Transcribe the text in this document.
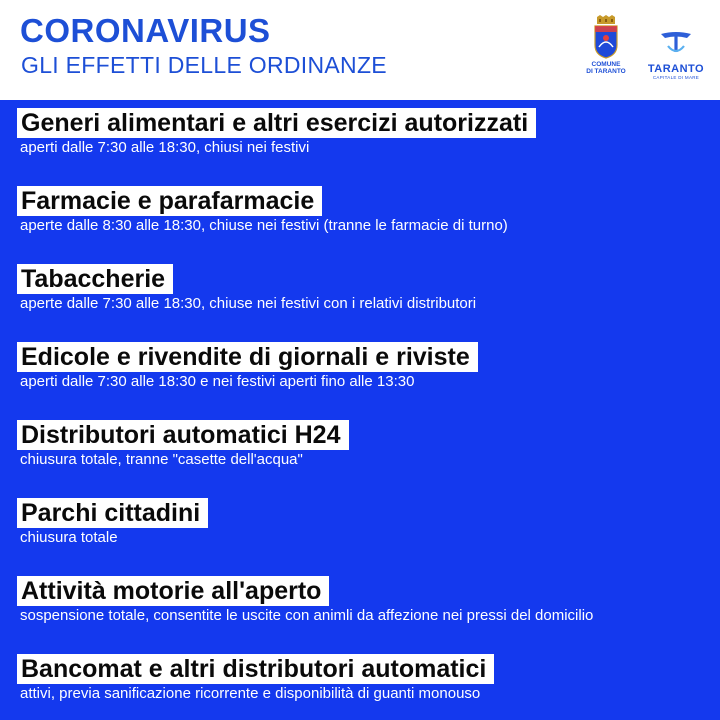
CORONAVIRUS
GLI EFFETTI DELLE ORDINANZE	COMUNE
DI TARANTO	TARANTO
CAPITALE DI MARE
Generi alimentari e altri esercizi autorizzati
aperti dalle 7:30 alle 18:30, chiusi nei festivi
Farmacie e parafarmacie
aperte dalle 8:30 alle 18:30, chiuse nei festivi (tranne le farmacie di turno)
Tabaccherie
aperte dalle 7:30 alle 18:30, chiuse nei festivi con i relativi distributori
Edicole e rivendite di giornali e riviste
aperti dalle 7:30 alle 18:30 e nei festivi aperti fino alle 13:30
Distributori automatici H24
chiusura totale, tranne "casette dell'acqua"
Parchi cittadini
chiusura totale
Attività motorie all'aperto
sospensione totale, consentite le uscite con animli da affezione nei pressi del domicilio
Bancomat e altri distributori automatici
attivi, previa sanificazione ricorrente e disponibilità di guanti monouso
